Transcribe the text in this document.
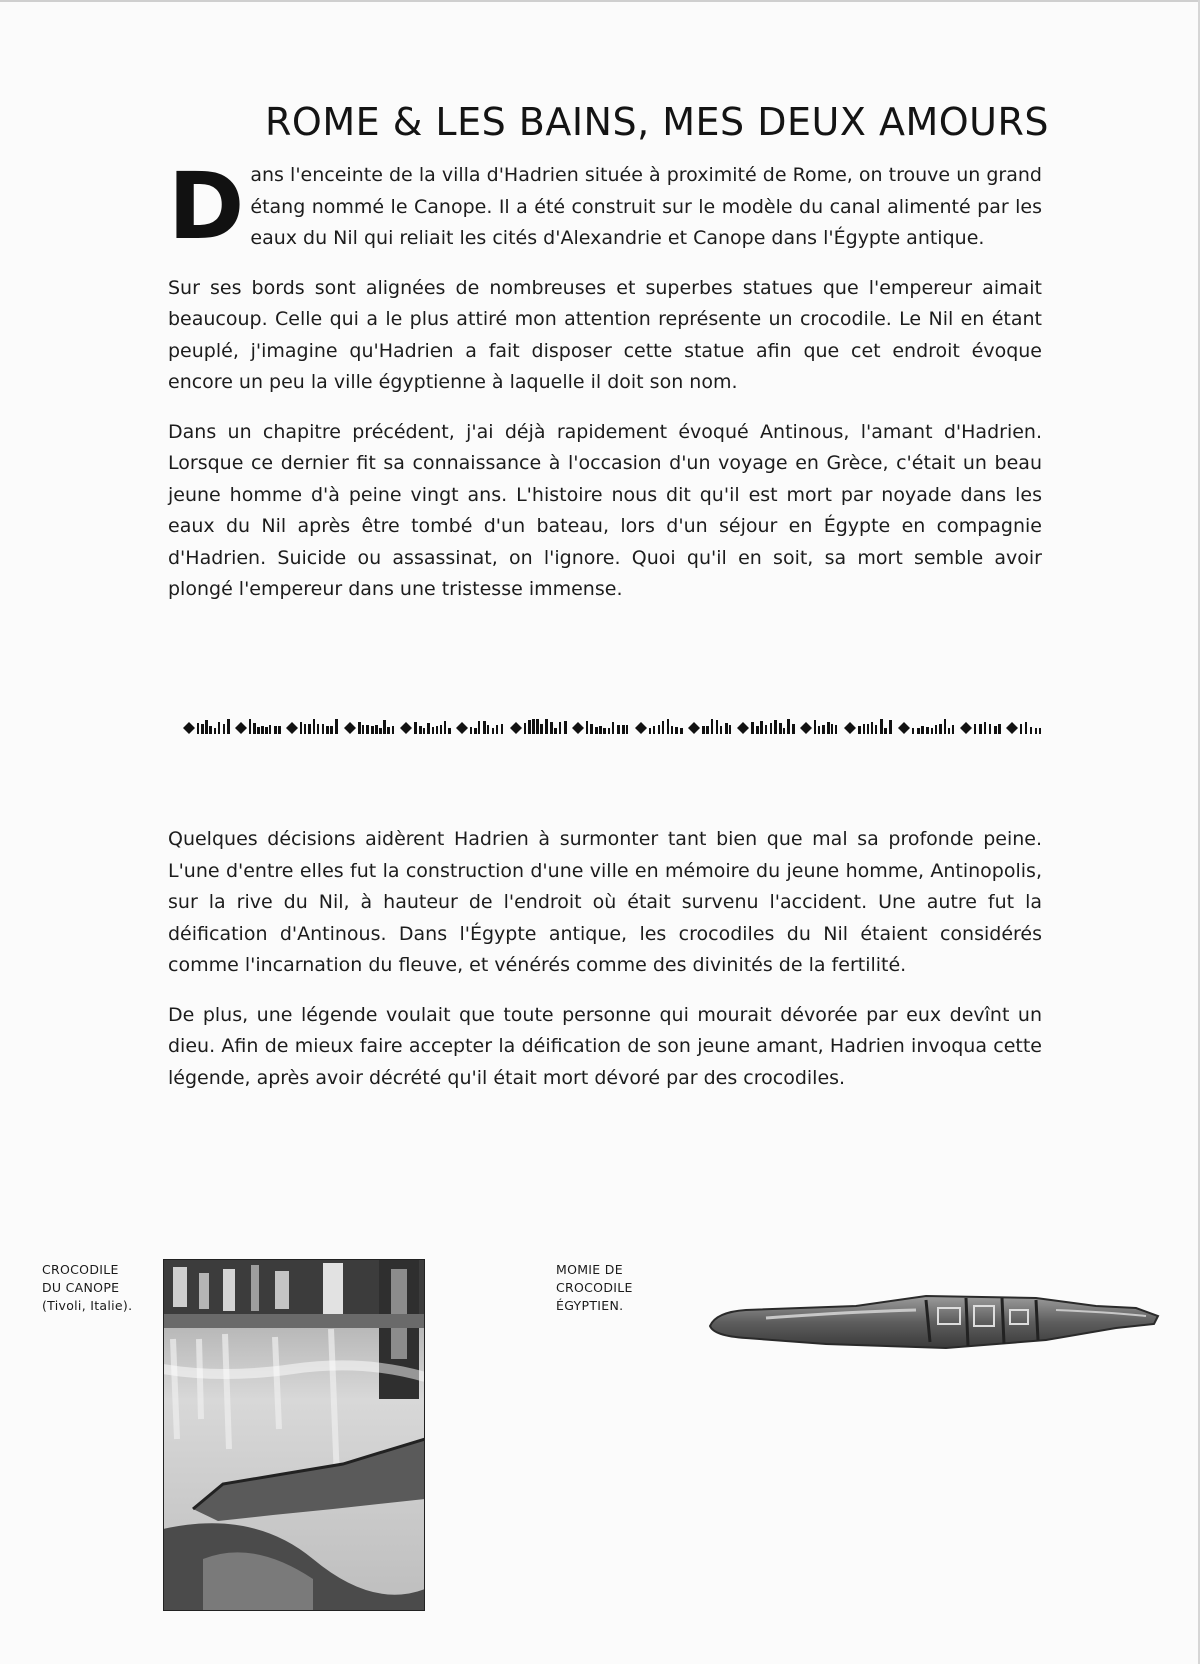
ROME & LES BAINS, MES DEUX AMOURS

Dans l'enceinte de la villa d'Hadrien située à proximité de Rome, on trouve un grand étang nommé le Canope. Il a été construit sur le modèle du canal alimenté par les eaux du Nil qui reliait les cités d'Alexandrie et Canope dans l'Égypte antique.

Sur ses bords sont alignées de nombreuses et superbes statues que l'empereur aimait beaucoup. Celle qui a le plus attiré mon attention représente un crocodile. Le Nil en étant peuplé, j'imagine qu'Hadrien a fait disposer cette statue afin que cet endroit évoque encore un peu la ville égyptienne à laquelle il doit son nom.

Dans un chapitre précédent, j'ai déjà rapidement évoqué Antinous, l'amant d'Hadrien. Lorsque ce dernier fit sa connaissance à l'occasion d'un voyage en Grèce, c'était un beau jeune homme d'à peine vingt ans. L'histoire nous dit qu'il est mort par noyade dans les eaux du Nil après être tombé d'un bateau, lors d'un séjour en Égypte en compagnie d'Hadrien. Suicide ou assassinat, on l'ignore. Quoi qu'il en soit, sa mort semble avoir plongé l'empereur dans une tristesse immense.

Quelques décisions aidèrent Hadrien à surmonter tant bien que mal sa profonde peine. L'une d'entre elles fut la construction d'une ville en mémoire du jeune homme, Antinopolis, sur la rive du Nil, à hauteur de l'endroit où était survenu l'accident. Une autre fut la déification d'Antinous. Dans l'Égypte antique, les crocodiles du Nil étaient considérés comme l'incarnation du fleuve, et vénérés comme des divinités de la fertilité.

De plus, une légende voulait que toute personne qui mourait dévorée par eux devînt un dieu. Afin de mieux faire accepter la déification de son jeune amant, Hadrien invoqua cette légende, après avoir décrété qu'il était mort dévoré par des crocodiles.

CROCODILE
DU CANOPE
(Tivoli, Italie).
MOMIE DE
CROCODILE
ÉGYPTIEN.
